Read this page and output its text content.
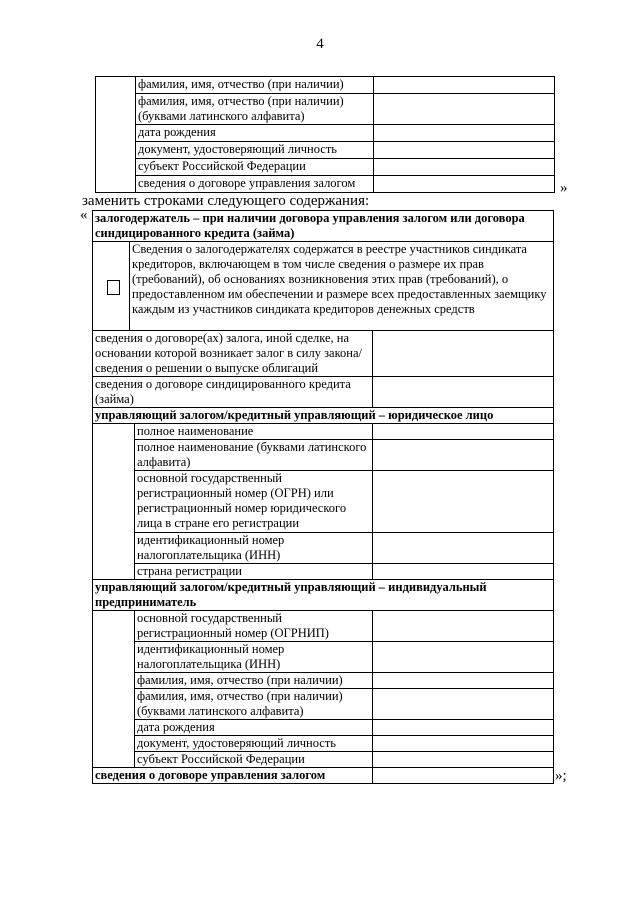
4
	фамилия, имя, отчество (при наличии)	
	фамилия, имя, отчество (при наличии) (буквами латинского алфавита)	
	дата рождения	
	документ, удостоверяющий личность	
	субъект Российской Федерации	
	сведения о договоре управления залогом		»
заменить строками следующего содержания:
«
			залогодержатель – при наличии договора управления залогом или договора синдицированного кредита (займа)			
	Сведения о залогодержателях содержатся в реестре участников синдиката кредиторов, включающем в том числе сведения о размере их прав (требований), об основаниях возникновения этих прав (требований), о предоставленном им обеспечении и размере всех предоставленных заемщику каждым из участников синдиката кредиторов денежных средств		
сведения о договоре(ах) залога, иной сделке, на основании которой возникает залог в силу закона/сведения о решении о выпуске облигаций			
сведения о договоре синдицированного кредита (займа)			
управляющий залогом/кредитный управляющий – юридическое лицо			
		полное наименование	
		полное наименование (буквами латинского алфавита)	
		основной государственный регистрационный номер (ОГРН) или регистрационный номер юридического лица в стране его регистрации	
		идентификационный номер налогоплательщика (ИНН)	
		страна регистрации	
управляющий залогом/кредитный управляющий – индивидуальный предприниматель			
		основной государственный регистрационный номер (ОГРНИП)	
		идентификационный номер налогоплательщика (ИНН)	
		фамилия, имя, отчество (при наличии)	
		фамилия, имя, отчество (при наличии) (буквами латинского алфавита)	
		дата рождения	
		документ, удостоверяющий личность	
		субъект Российской Федерации	
сведения о договоре управления залогом				»;
